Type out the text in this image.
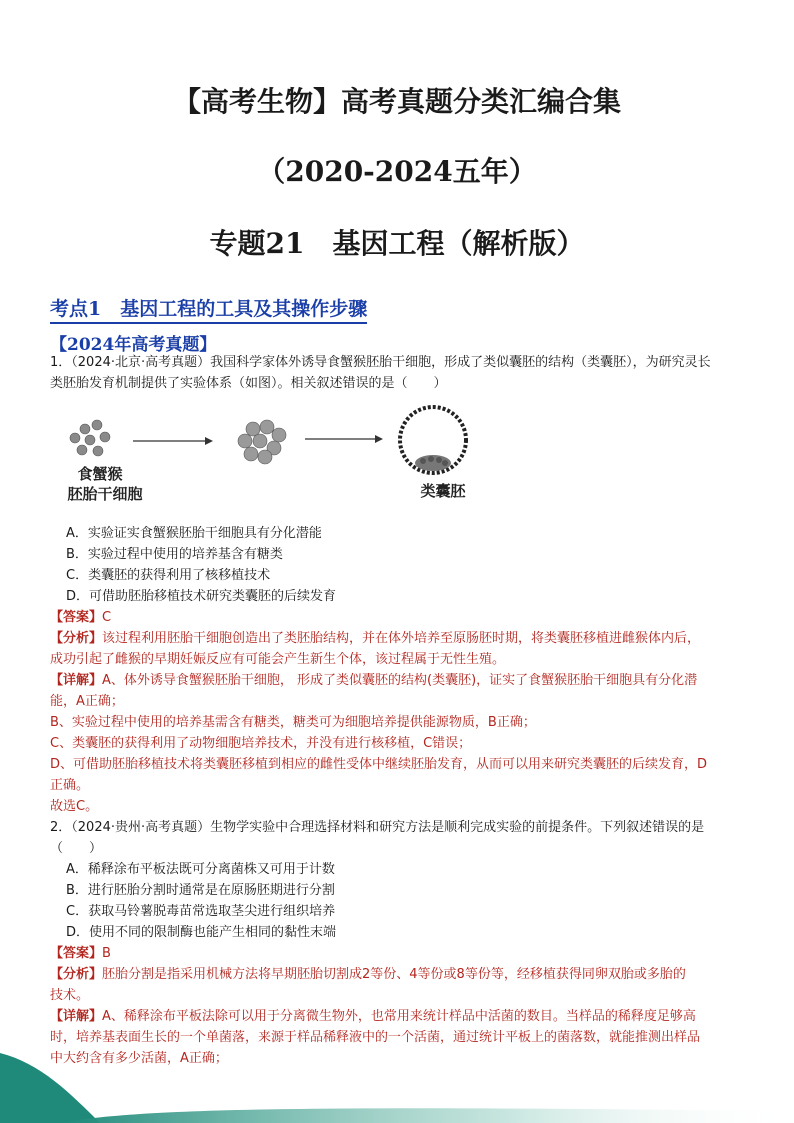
【高考生物】高考真题分类汇编合集
（2020-2024五年）
专题21　基因工程（解析版）
考点1　基因工程的工具及其操作步骤
【2024年高考真题】

1．（2024·北京·高考真题）我国科学家体外诱导食蟹猴胚胎干细胞，形成了类似囊胚的结构（类囊胚），为研究灵长

类胚胎发育机制提供了实验体系（如图）。相关叙述错误的是（　　）

食蟹猴
胚胎干细胞	类囊胚
A．实验证实食蟹猴胚胎干细胞具有分化潜能
B．实验过程中使用的培养基含有糖类
C．类囊胚的获得利用了核移植技术
D．可借助胚胎移植技术研究类囊胚的后续发育

【答案】C

【分析】该过程利用胚胎干细胞创造出了类胚胎结构，并在体外培养至原肠胚时期，将类囊胚移植进雌猴体内后，

成功引起了雌猴的早期妊娠反应有可能会产生新生个体，该过程属于无性生殖。

【详解】A、体外诱导食蟹猴胚胎干细胞， 形成了类似囊胚的结构(类囊胚)，证实了食蟹猴胚胎干细胞具有分化潜

能，A正确；

B、实验过程中使用的培养基需含有糖类，糖类可为细胞培养提供能源物质，B正确；

C、类囊胚的获得利用了动物细胞培养技术，并没有进行核移植，C错误；

D、可借助胚胎移植技术将类囊胚移植到相应的雌性受体中继续胚胎发育，从而可以用来研究类囊胚的后续发育，D

正确。

故选C。

2．（2024·贵州·高考真题）生物学实验中合理选择材料和研究方法是顺利完成实验的前提条件。下列叙述错误的是

（　　）

A．稀释涂布平板法既可分离菌株又可用于计数
B．进行胚胎分割时通常是在原肠胚期进行分割
C．获取马铃薯脱毒苗常选取茎尖进行组织培养
D．使用不同的限制酶也能产生相同的黏性末端

【答案】B

【分析】胚胎分割是指采用机械方法将早期胚胎切割成2等份、4等份或8等份等，经移植获得同卵双胎或多胎的

技术。

【详解】A、稀释涂布平板法除可以用于分离微生物外，也常用来统计样品中活菌的数目。当样品的稀释度足够高

时，培养基表面生长的一个单菌落，来源于样品稀释液中的一个活菌，通过统计平板上的菌落数，就能推测出样品

中大约含有多少活菌，A正确；
